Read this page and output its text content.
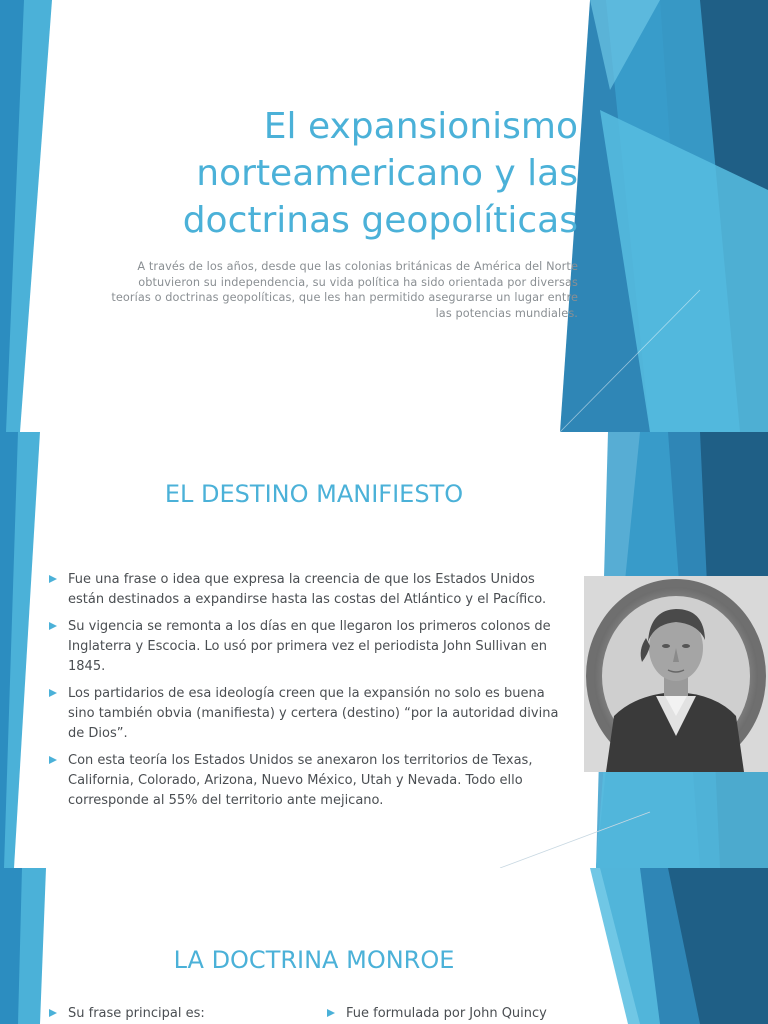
El expansionismo
norteamericano y las
doctrinas geopolíticas

A través de los años, desde que las colonias británicas de América del Norte
obtuvieron su independencia, su vida política ha sido orientada por diversas
teorías o doctrinas geopolíticas, que les han permitido asegurarse un lugar entre
las potencias mundiales.

EL DESTINO MANIFIESTO
Fue una frase o idea que expresa la creencia de que los Estados Unidos están destinados a expandirse hasta las costas del Atlántico y el Pacífico.
Su vigencia se remonta a los días en que llegaron los primeros colonos de Inglaterra y Escocia. Lo usó por primera vez el periodista John Sullivan en 1845.
Los partidarios de esa ideología creen que la expansión no solo es buena sino también obvia (manifiesta) y certera (destino) “por la autoridad divina de Dios”.
Con esta teoría los Estados Unidos se anexaron los territorios de Texas, California, Colorado, Arizona, Nuevo México, Utah y Nevada. Todo ello corresponde al 55% del territorio ante mejicano.
LA DOCTRINA MONROE
Su frase principal es:	Fue formulada por John Quincy
